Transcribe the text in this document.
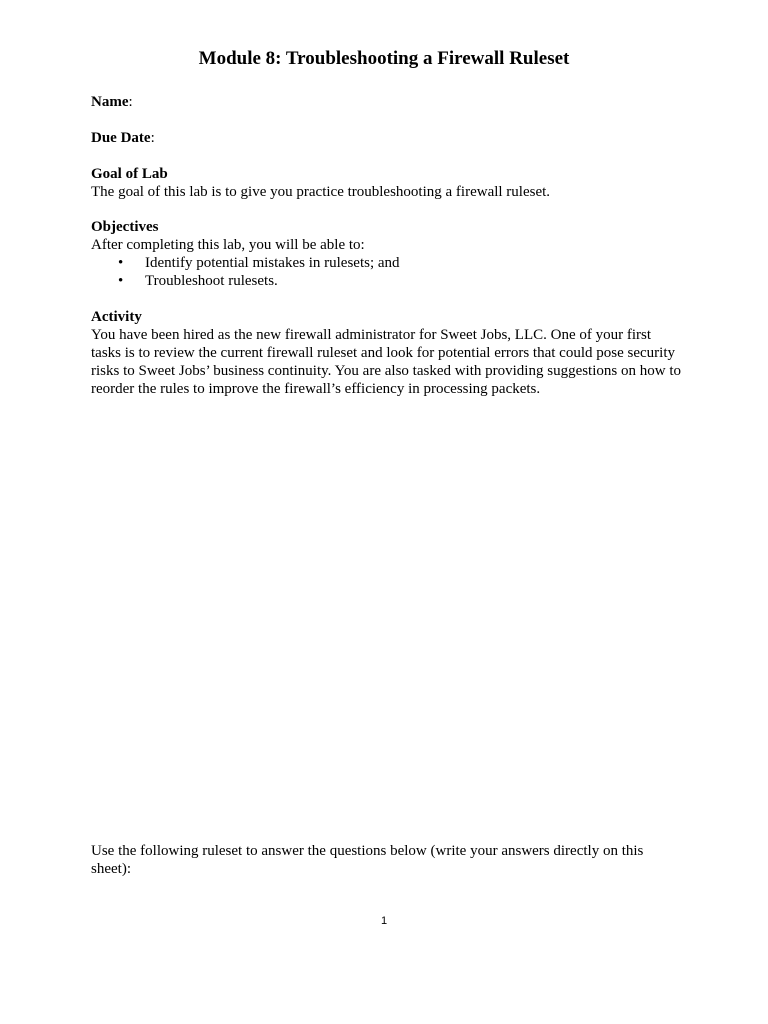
Module 8: Troubleshooting a Firewall Ruleset
Name:
Due Date:
Goal of Lab
The goal of this lab is to give you practice troubleshooting a firewall ruleset.
Objectives
After completing this lab, you will be able to:
• Identify potential mistakes in rulesets; and
• Troubleshoot rulesets.
Activity
You have been hired as the new firewall administrator for Sweet Jobs, LLC. One of your first tasks is to review the current firewall ruleset and look for potential errors that could pose security risks to Sweet Jobs’ business continuity. You are also tasked with providing suggestions on how to reorder the rules to improve the firewall’s efficiency in processing packets.
Use the following ruleset to answer the questions below (write your answers directly on this sheet):
1
